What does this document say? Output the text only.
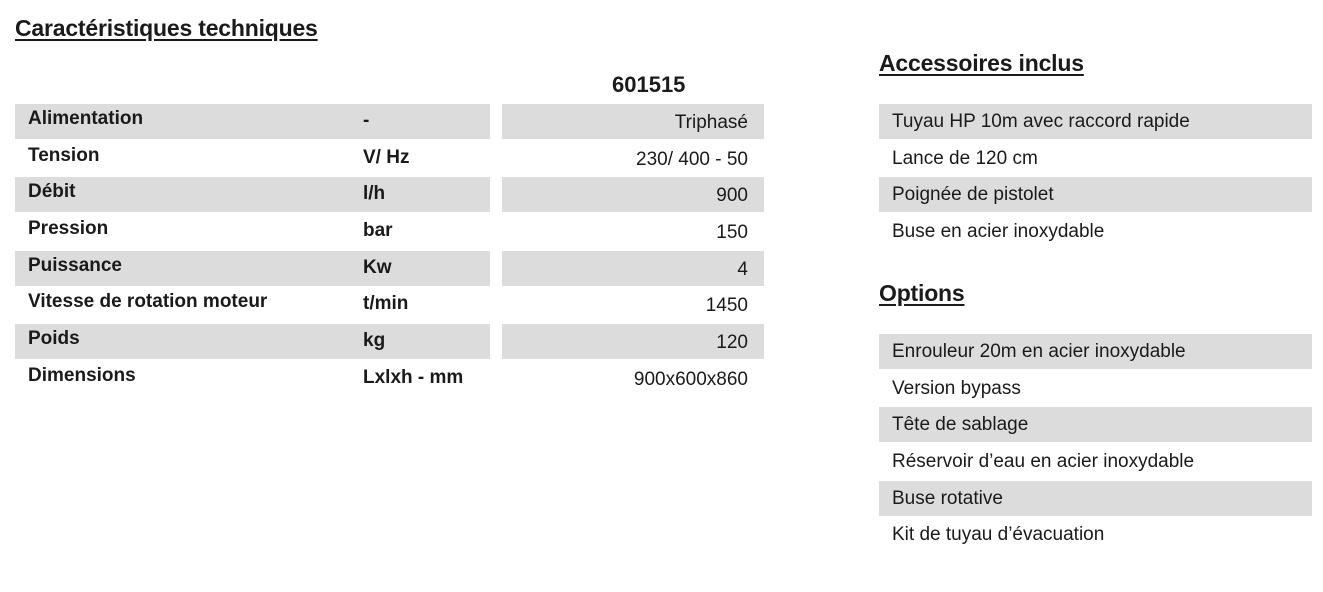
Caractéristiques techniques
601515
Alimentation	-	Triphasé
Tension	V/ Hz	230/ 400 - 50
Débit	l/h	900
Pression	bar	150
Puissance	Kw	4
Vitesse de rotation moteur	t/min	1450
Poids	kg	120
Dimensions	Lxlxh - mm	900x600x860
Accessoires inclus
Tuyau HP 10m avec raccord rapide
Lance de 120 cm
Poignée de pistolet
Buse en acier inoxydable
Options
Enrouleur 20m en acier inoxydable
Version bypass
Tête de sablage
Réservoir d’eau en acier inoxydable
Buse rotative
Kit de tuyau d’évacuation
